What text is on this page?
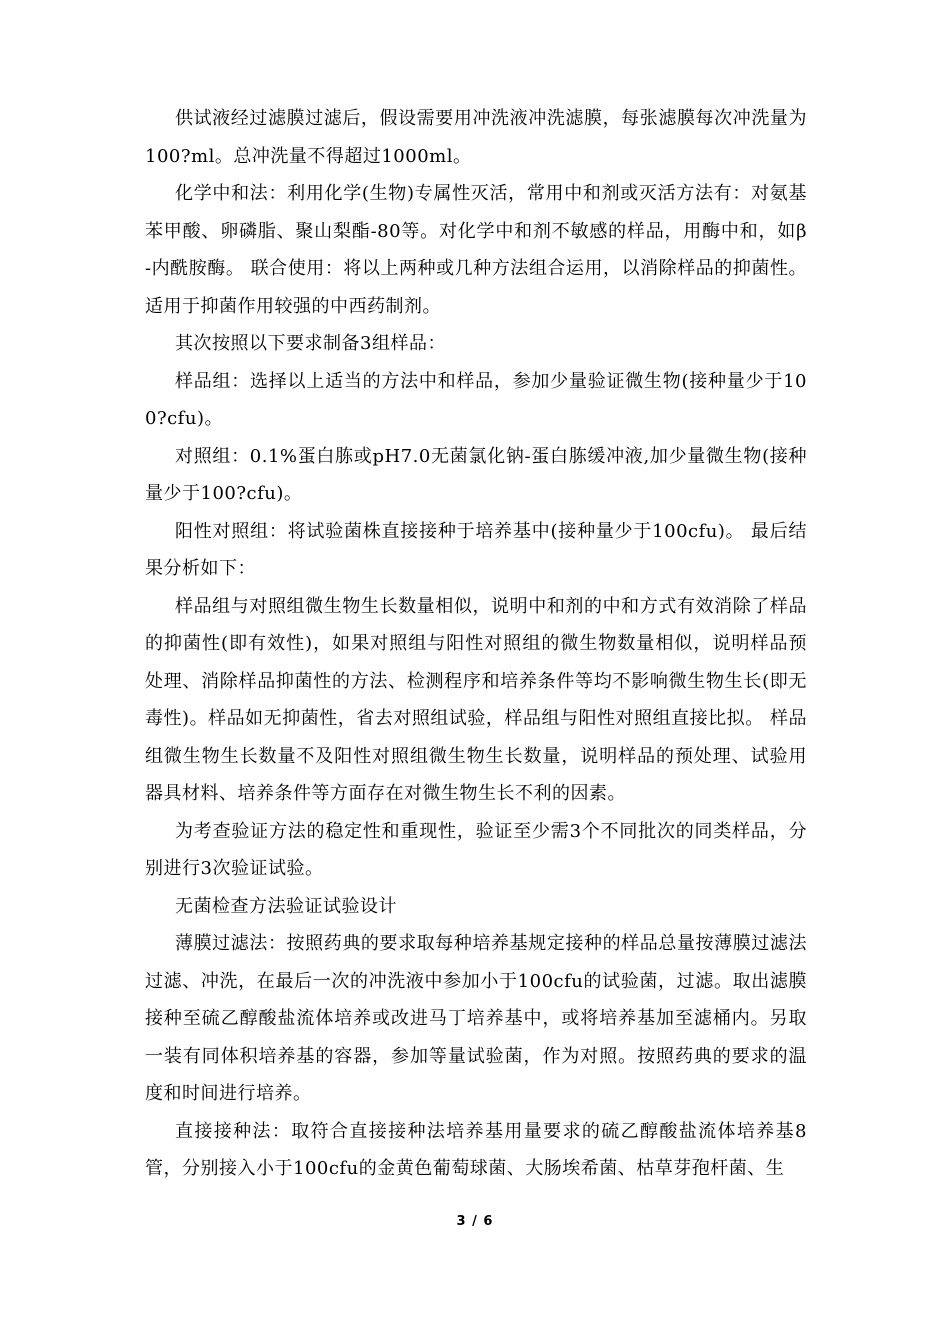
供试液经过滤膜过滤后，假设需要用冲洗液冲洗滤膜，每张滤膜每次冲洗量为100?ml。总冲洗量不得超过1000ml。

化学中和法：利用化学(生物)专属性灭活，常用中和剂或灭活方法有：对氨基苯甲酸、卵磷脂、聚山梨酯-80等。对化学中和剂不敏感的样品，用酶中和，如β -内酰胺酶。 联合使用：将以上两种或几种方法组合运用，以消除样品的抑菌性。适用于抑菌作用较强的中西药制剂。

其次按照以下要求制备3组样品：

样品组：选择以上适当的方法中和样品，参加少量验证微生物(接种量少于100?cfu)。

对照组：0.1%蛋白胨或pH7.0无菌氯化钠-蛋白胨缓冲液,加少量微生物(接种量少于100?cfu)。

阳性对照组：将试验菌株直接接种于培养基中(接种量少于100cfu)。 最后结果分析如下：

样品组与对照组微生物生长数量相似，说明中和剂的中和方式有效消除了样品的抑菌性(即有效性)，如果对照组与阳性对照组的微生物数量相似，说明样品预处理、消除样品抑菌性的方法、检测程序和培养条件等均不影响微生物生长(即无毒性)。样品如无抑菌性，省去对照组试验，样品组与阳性对照组直接比拟。 样品组微生物生长数量不及阳性对照组微生物生长数量，说明样品的预处理、试验用器具材料、培养条件等方面存在对微生物生长不利的因素。

为考查验证方法的稳定性和重现性，验证至少需3个不同批次的同类样品，分别进行3次验证试验。

无菌检查方法验证试验设计

薄膜过滤法：按照药典的要求取每种培养基规定接种的样品总量按薄膜过滤法过滤、冲洗，在最后一次的冲洗液中参加小于100cfu的试验菌，过滤。取出滤膜接种至硫乙醇酸盐流体培养或改进马丁培养基中，或将培养基加至滤桶内。另取一装有同体积培养基的容器，参加等量试验菌，作为对照。按照药典的要求的温度和时间进行培养。

直接接种法：取符合直接接种法培养基用量要求的硫乙醇酸盐流体培养基8管，分别接入小于100cfu的金黄色葡萄球菌、大肠埃希菌、枯草芽孢杆菌、生

3 / 6
